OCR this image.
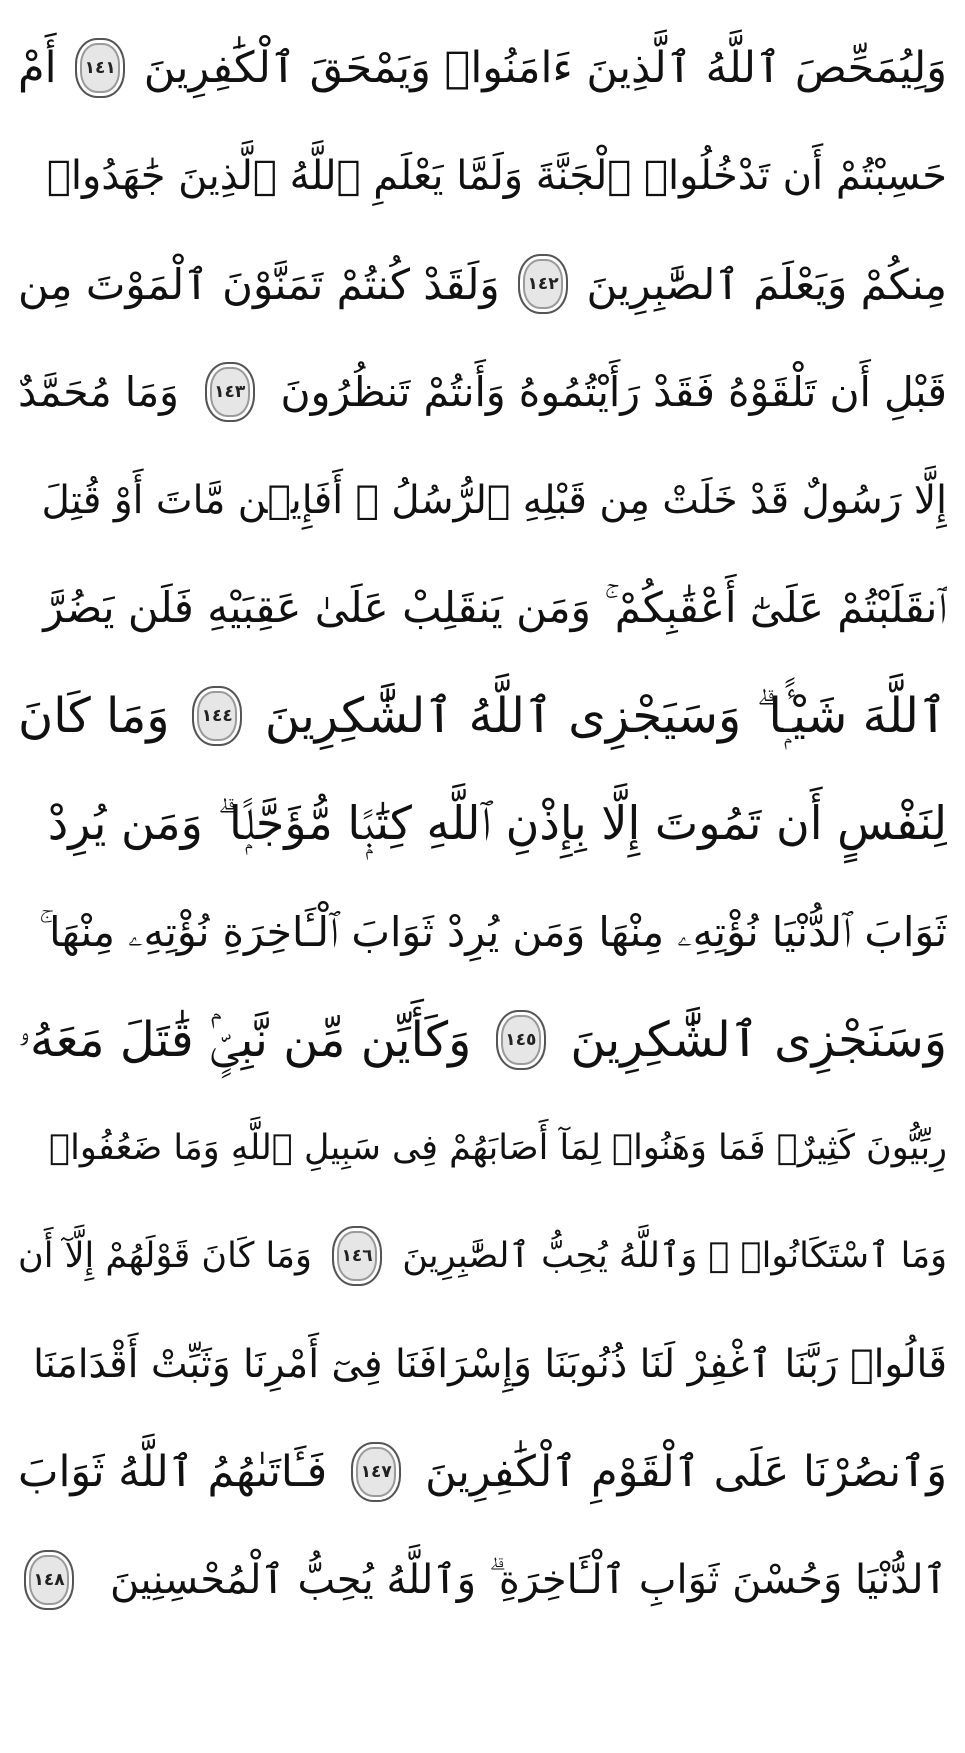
وَلِيُمَحِّصَ ٱللَّهُ ٱلَّذِينَ ءَامَنُوا۟ وَيَمْحَقَ ٱلْكَٰفِرِينَ
١٤١
أَمْ
حَسِبْتُمْ أَن تَدْخُلُوا۟ ٱلْجَنَّةَ وَلَمَّا يَعْلَمِ ٱللَّهُ ٱلَّذِينَ جَٰهَدُوا۟
مِنكُمْ وَيَعْلَمَ ٱلصَّٰبِرِينَ
١٤٢
وَلَقَدْ كُنتُمْ تَمَنَّوْنَ ٱلْمَوْتَ مِن
قَبْلِ أَن تَلْقَوْهُ فَقَدْ رَأَيْتُمُوهُ وَأَنتُمْ تَنظُرُونَ
١٤٣
وَمَا مُحَمَّدٌ
إِلَّا رَسُولٌ قَدْ خَلَتْ مِن قَبْلِهِ ٱلرُّسُلُ ۚ أَفَإِي۟ن مَّاتَ أَوْ قُتِلَ
ٱنقَلَبْتُمْ عَلَىٰٓ أَعْقَٰبِكُمْ ۚ وَمَن يَنقَلِبْ عَلَىٰ عَقِبَيْهِ فَلَن يَضُرَّ
ٱللَّهَ شَيْـًۭٔا ۗ وَسَيَجْزِى ٱللَّهُ ٱلشَّٰكِرِينَ
١٤٤
وَمَا كَانَ
لِنَفْسٍ أَن تَمُوتَ إِلَّا بِإِذْنِ ٱللَّهِ كِتَٰبًۭا مُّؤَجَّلًۭا ۗ وَمَن يُرِدْ
ثَوَابَ ٱلدُّنْيَا نُؤْتِهِۦ مِنْهَا وَمَن يُرِدْ ثَوَابَ ٱلْـَٔاخِرَةِ نُؤْتِهِۦ مِنْهَا ۚ
وَسَنَجْزِى ٱلشَّٰكِرِينَ
١٤٥
وَكَأَيِّن مِّن نَّبِىٍّۢ قَٰتَلَ مَعَهُۥ
رِبِّيُّونَ كَثِيرٌۭ فَمَا وَهَنُوا۟ لِمَآ أَصَابَهُمْ فِى سَبِيلِ ٱللَّهِ وَمَا ضَعُفُوا۟
وَمَا ٱسْتَكَانُوا۟ ۗ وَٱللَّهُ يُحِبُّ ٱلصَّٰبِرِينَ
١٤٦
وَمَا كَانَ قَوْلَهُمْ إِلَّآ أَن
قَالُوا۟ رَبَّنَا ٱغْفِرْ لَنَا ذُنُوبَنَا وَإِسْرَافَنَا فِىٓ أَمْرِنَا وَثَبِّتْ أَقْدَامَنَا
وَٱنصُرْنَا عَلَى ٱلْقَوْمِ ٱلْكَٰفِرِينَ
١٤٧
فَـَٔاتَىٰهُمُ ٱللَّهُ ثَوَابَ
ٱلدُّنْيَا وَحُسْنَ ثَوَابِ ٱلْـَٔاخِرَةِ ۗ وَٱللَّهُ يُحِبُّ ٱلْمُحْسِنِينَ
١٤٨
